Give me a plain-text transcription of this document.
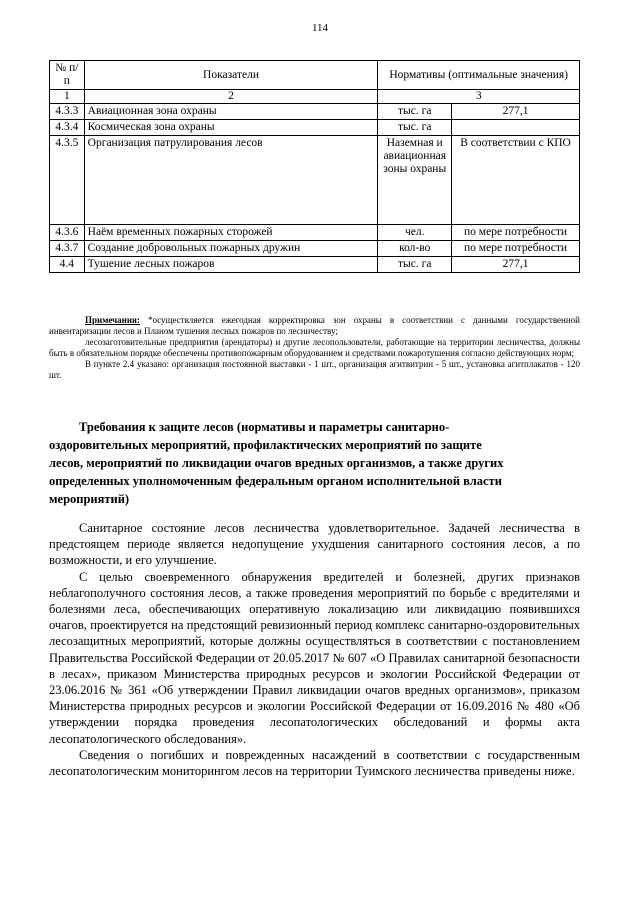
114
№ п/п	Показатели	Нормативы (оптимальные значения)	
1	2	3	
4.3.3	Авиационная зона охраны	тыс. га	277,1
4.3.4	Космическая зона охраны	тыс. га	
4.3.5	Организация патрулирования лесов	Наземная и авиационная зоны охраны	В соответствии с КПО
4.3.6	Наём временных пожарных сторожей	чел.	по мере потребности
4.3.7	Создание добровольных пожарных дружин	кол-во	по мере потребности
4.4	Тушение лесных пожаров	тыс. га	277,1

Примечания: *осуществляется ежегодная корректировка зон охраны в соответствии с данными государственной инвентаризации лесов и Планом тушения лесных пожаров по лесничеству;

лесозаготовительные предприятия (арендаторы) и другие лесопользователи, работающие на территории лесничества, должны быть в обязательном порядке обеспечены противопожарным оборудованием и средствами пожаротушения согласно действующих норм;

В пункте 2.4 указано: организация постоянной выставки - 1 шт., организация агитвитрин - 5 шт., установка агитплакатов - 120 шт.

Требования к защите лесов (нормативы и параметры санитарно-
оздоровительных мероприятий, профилактических мероприятий по защите
лесов, мероприятий по ликвидации очагов вредных организмов, а также других
определенных уполномоченным федеральным органом исполнительной власти
мероприятий)

Санитарное состояние лесов лесничества удовлетворительное. Задачей лесничества в предстоящем периоде является недопущение ухудшения санитарного состояния лесов, а по возможности, и его улучшение.

С целью своевременного обнаружения вредителей и болезней, других признаков неблагополучного состояния лесов, а также проведения мероприятий по борьбе с вредителями и болезнями леса, обеспечивающих оперативную локализацию или ликвидацию появившихся очагов, проектируется на предстоящий ревизионный период комплекс санитарно-оздоровительных лесозащитных мероприятий, которые должны осуществляться в соответствии с постановлением Правительства Российской Федерации от 20.05.2017 № 607 «О Правилах санитарной безопасности в лесах», приказом Министерства природных ресурсов и экологии Российской Федерации от 23.06.2016 № 361 «Об утверждении Правил ликвидации очагов вредных организмов», приказом Министерства природных ресурсов и экологии Российской Федерации от 16.09.2016 № 480 «Об утверждении порядка проведения лесопатологических обследований и формы акта лесопатологического обследования».

Сведения о погибших и поврежденных насаждений в соответствии с государственным лесопатологическим мониторингом лесов на территории Туимского лесничества приведены ниже.
